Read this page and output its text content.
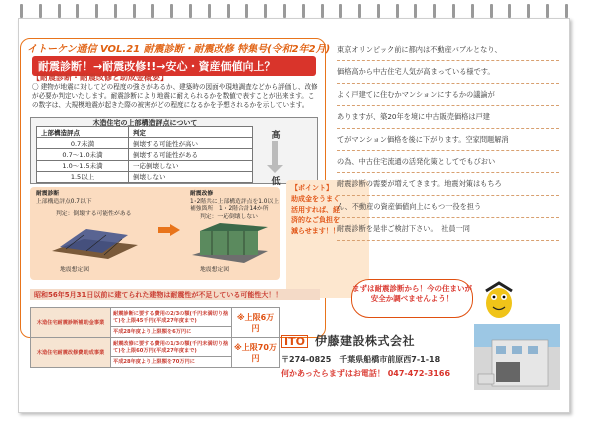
イトーケン通信 VOL.21 耐震診断・耐震改修 特集号(令和2年2月)
耐震診断！→耐震改修!!→安心・資産価値向上？
【耐震診断・耐震改修と助成金概要】
〇 建物が地震に対してどの程度の強さがあるか、建築時の図面や現地調査などから評価し、改修が必要か判定いたします。耐震診断により地震に耐えられるかを数値で表すことが出来ます。この数字は、大規模地震が起きた際の被害がどの程度になるかを予想されるかを示しています。
木造住宅の上部構造評点について
上部構造評点	判定
0.7未満	倒壊する可能性が高い
0.7～1.0未満	倒壊する可能性がある
1.0～1.5未満	一応倒壊しない
1.5以上	倒壊しない
高
低
耐震診断
上部構造評点0.7以下
判定：倒壊する可能性がある
地震想定図
耐震改修
1･2階共に上部構造評点を1.0以上
補強箇所　1・2階合計14か所
判定：一応倒壊しない
地震想定図
【ポイント】
助成金をうまく
活用すれば、経
済的なご負担を
減らせます！！
昭和56年5月31日以前に建てられた建物は耐震性が不足している可能性大！！
木造住宅耐震診断補助金事業	耐震診断に要する費用の2/3の額(千円未満切り捨て)を上限45千円(平成27年度まで)	※上限6万円
	平成28年度より上限額を6万円に	
木造住宅耐震改修費助成事業	耐震改修に要する費用の1/3の額(千円未満切り捨て)を上限60万円(平成27年度まで)	※上限70万円
	平成28年度より上限額を70万円に	
東京オリンピック前に都内は不動産バブルとなり、
価格高から中古住宅人気が高まっている様です。
よく戸建てに住むかマンションにするかの議論が
ありますが、築20年を境に中古販売価格は戸建
てがマンション価格を後に下がります。空家問題解消
の為、中古住宅流通の活発化策としてでもびおい
耐震診断の需要が増えてきます。地震対策はもちろ
ん、不動産の資産価値向上にもつ一役を担う
耐震診断を是非ご検討下さい。　社員一同
まずは耐震診断から！今の住まいが安全か調べませんよう！
ITO 伊藤建設株式会社
〒274-0825　千葉県船橋市前原西7-1-18
何かあったらまずはお電話！ 047-472-3166
